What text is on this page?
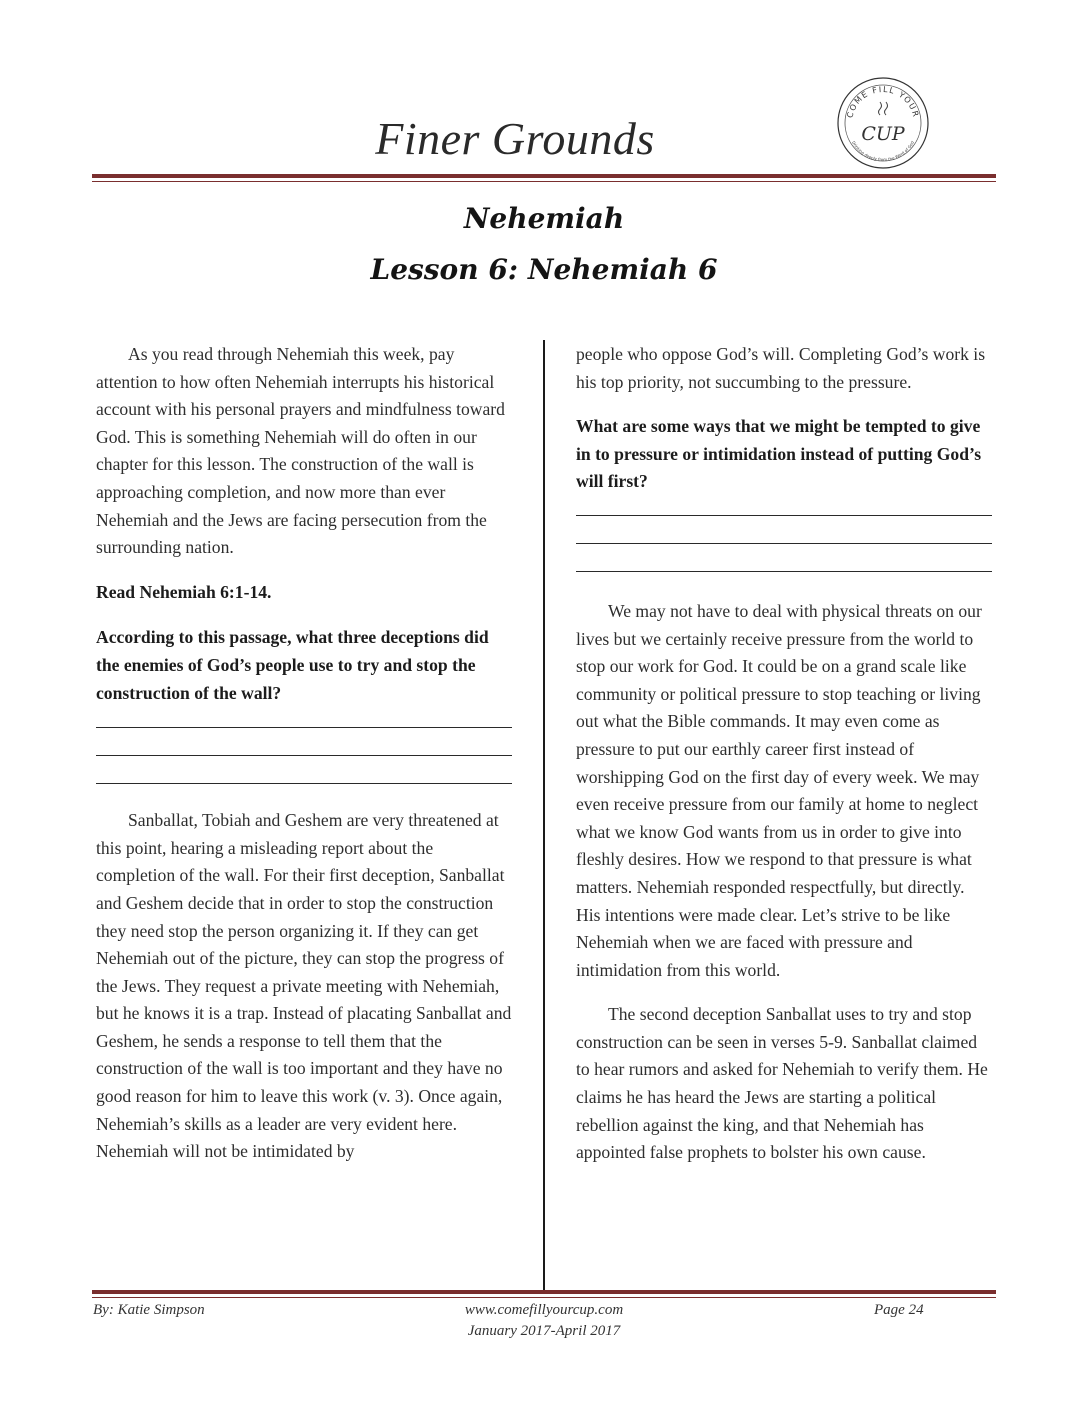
Finer Grounds	COME FILL YOUR
Drinking deeply from the Word of God
CUP
Nehemiah
Lesson 6: Nehemiah 6

As you read through Nehemiah this week, pay attention to how often Nehemiah interrupts his historical account with his personal prayers and mindfulness toward God. This is something Nehemiah will do often in our chapter for this lesson. The construction of the wall is approaching completion, and now more than ever Nehemiah and the Jews are facing persecution from the surrounding nation.

Read Nehemiah 6:1-14.

According to this passage, what three deceptions did the enemies of God’s people use to try and stop the construction of the wall?

Sanballat, Tobiah and Geshem are very threatened at this point, hearing a misleading report about the completion of the wall. For their first deception, Sanballat and Geshem decide that in order to stop the construction they need stop the person organizing it. If they can get Nehemiah out of the picture, they can stop the progress of the Jews. They request a private meeting with Nehemiah, but he knows it is a trap. Instead of placating Sanballat and Geshem, he sends a response to tell them that the construction of the wall is too important and they have no good reason for him to leave this work (v. 3). Once again, Nehemiah’s skills as a leader are very evident here. Nehemiah will not be intimidated by

people who oppose God’s will. Completing God’s work is his top priority, not succumbing to the pressure.

What are some ways that we might be tempted to give in to pressure or intimidation instead of putting God’s will first?

We may not have to deal with physical threats on our lives but we certainly receive pressure from the world to stop our work for God. It could be on a grand scale like community or political pressure to stop teaching or living out what the Bible commands. It may even come as pressure to put our earthly career first instead of worshipping God on the first day of every week. We may even receive pressure from our family at home to neglect what we know God wants from us in order to give into fleshly desires. How we respond to that pressure is what matters. Nehemiah responded respectfully, but directly. His intentions were made clear. Let’s strive to be like Nehemiah when we are faced with pressure and intimidation from this world.

The second deception Sanballat uses to try and stop construction can be seen in verses 5-9. Sanballat claimed to hear rumors and asked for Nehemiah to verify them. He claims he has heard the Jews are starting a political rebellion against the king, and that Nehemiah has appointed false prophets to bolster his own cause.

By: Katie Simpson	www.comefillyourcup.com
January 2017-April 2017
Page 24
